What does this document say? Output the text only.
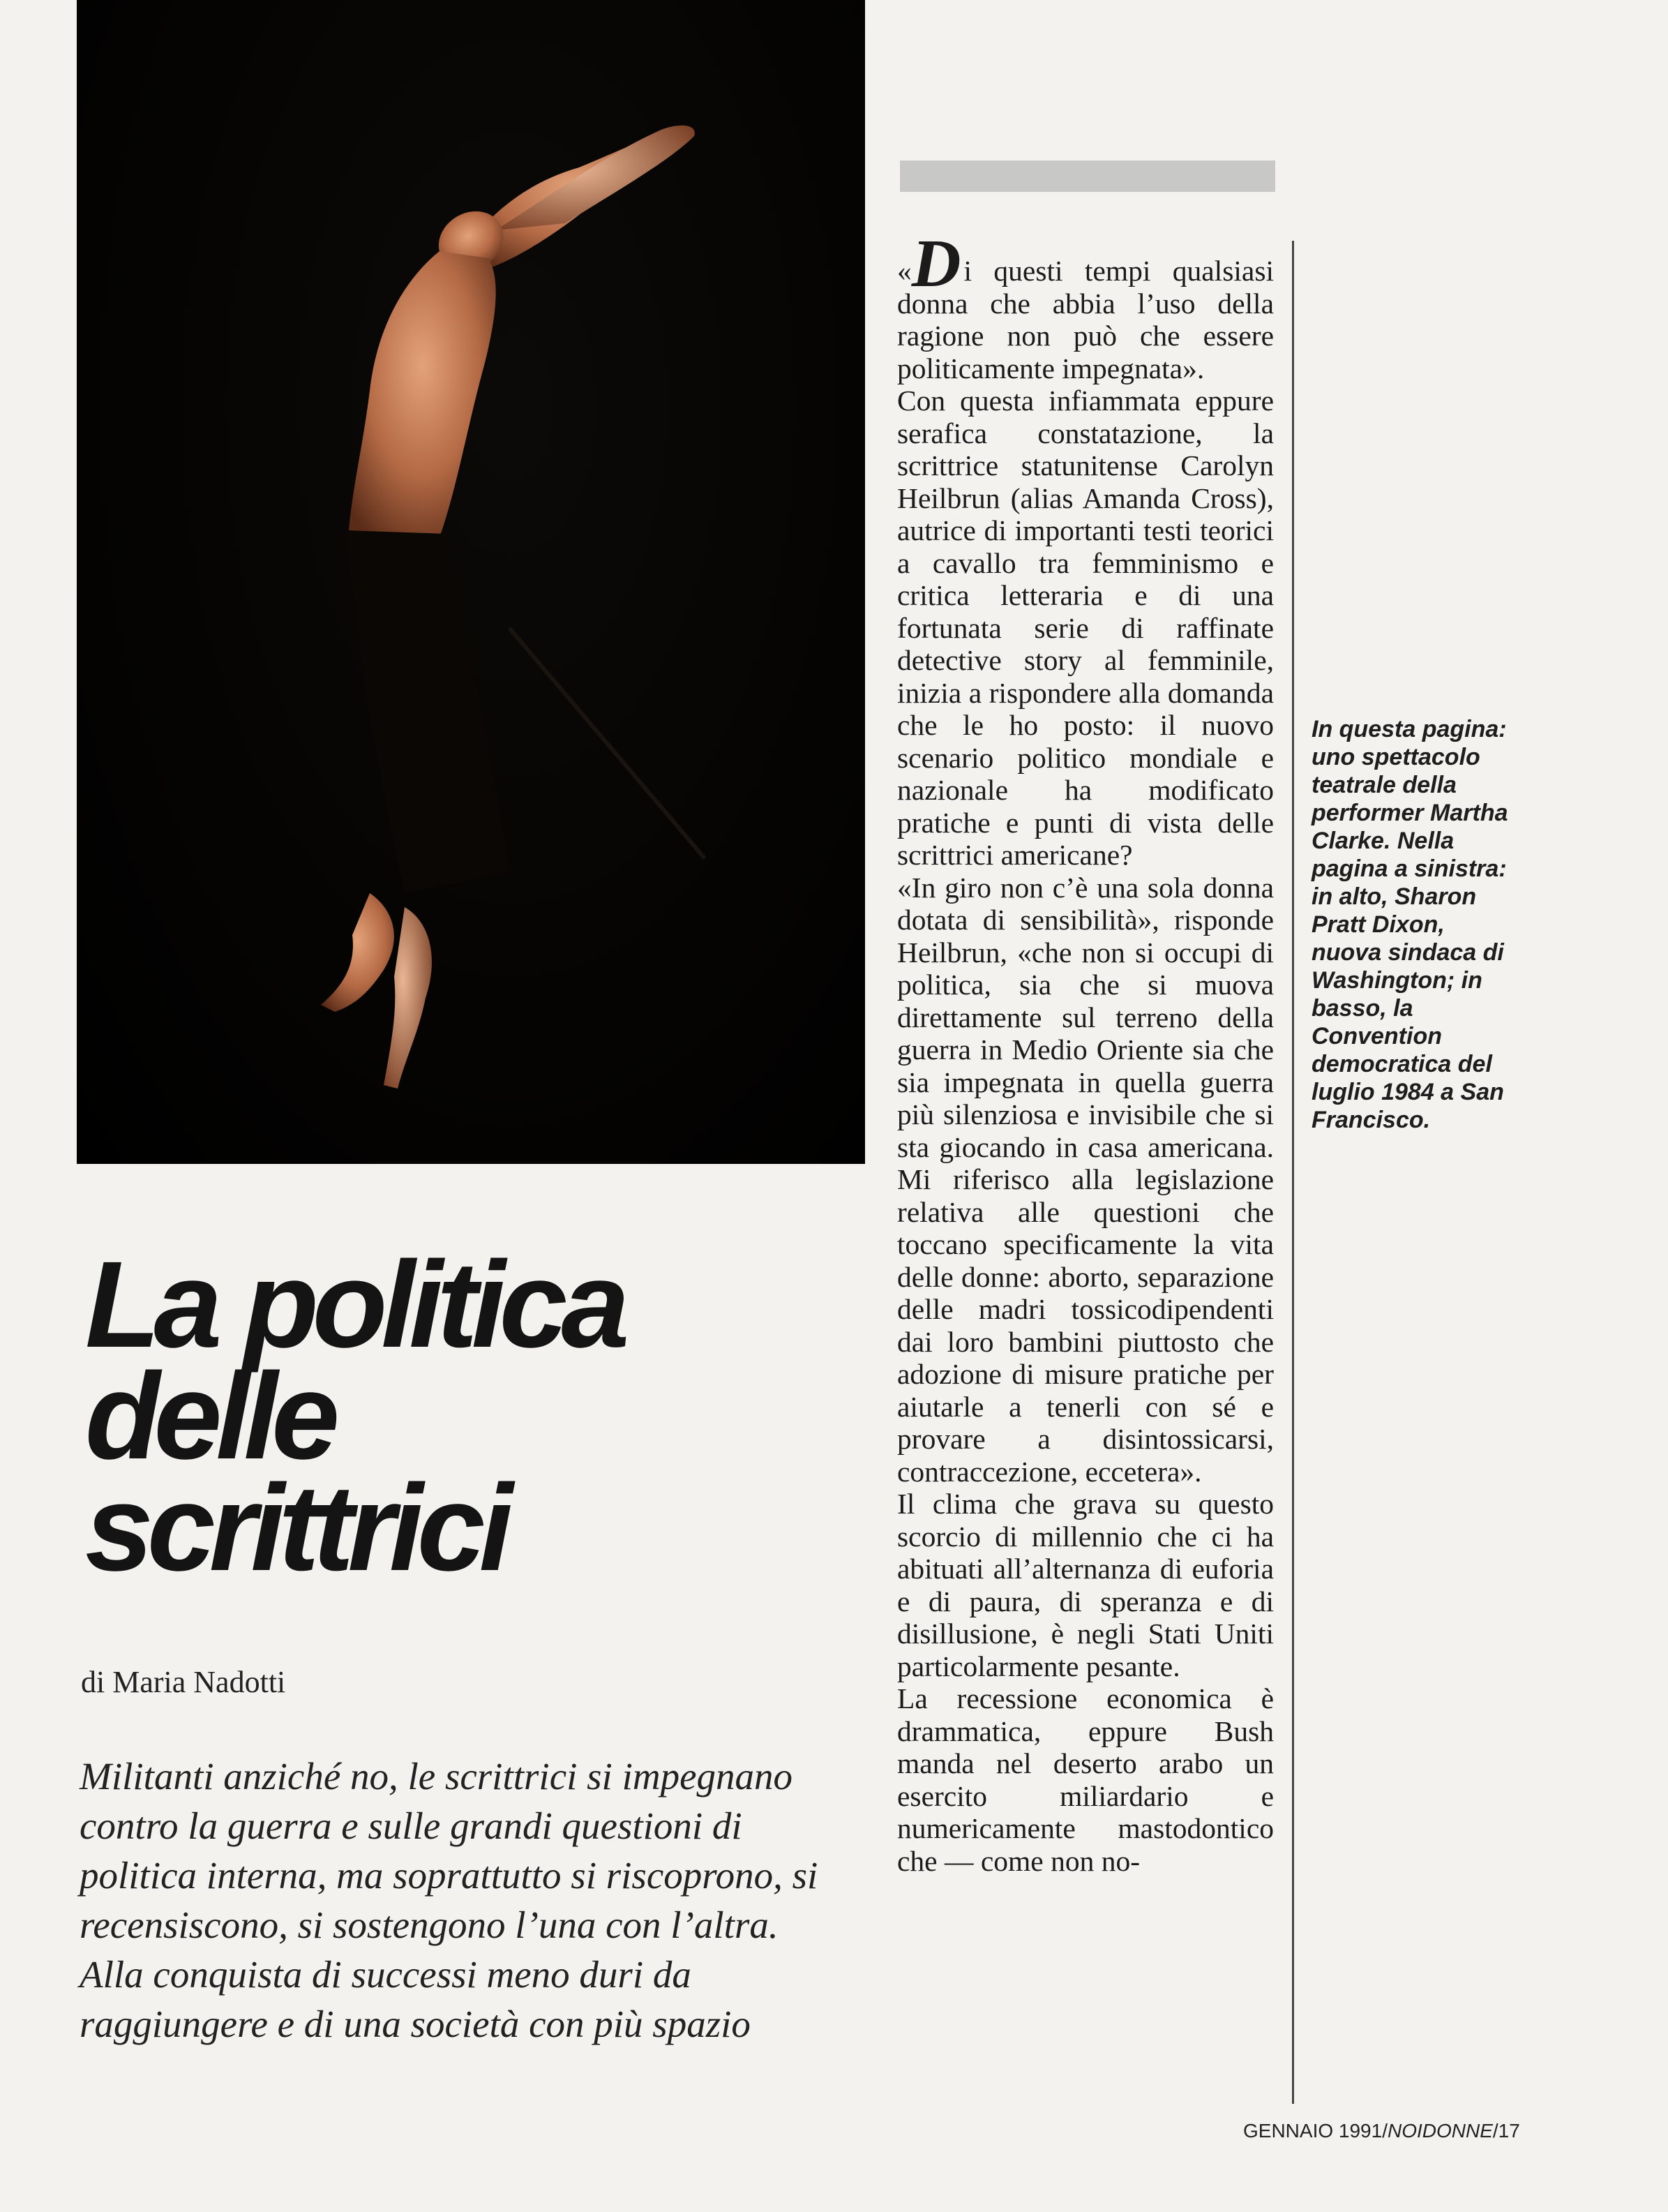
La politica
delle
scrittrici

di Maria Nadotti

Militanti anziché no, le scrittrici si impegnano contro la guerra e sulle grandi questioni di politica interna, ma soprattutto si riscoprono, si recensiscono, si sostengono l’una con l’altra. Alla conquista di successi meno duri da raggiungere e di una società con più spazio

«Di questi tempi qualsiasi donna che abbia l’uso della ragione non può che essere politicamente impegnata».

Con questa infiammata eppure serafica constatazione, la scrittrice statunitense Carolyn Heilbrun (alias Amanda Cross), autrice di importanti testi teorici a cavallo tra femminismo e critica letteraria e di una fortunata serie di raffinate detective story al femminile, inizia a rispondere alla domanda che le ho posto: il nuovo scenario politico mondiale e nazionale ha modificato pratiche e punti di vista delle scrittrici americane?

«In giro non c’è una sola donna dotata di sensibilità», risponde Heilbrun, «che non si occupi di politica, sia che si muova direttamente sul terreno della guerra in Medio Oriente sia che sia impegnata in quella guerra più silenziosa e invisibile che si sta giocando in casa americana. Mi riferisco alla legislazione relativa alle questioni che toccano specificamente la vita delle donne: aborto, separazione delle madri tossicodipendenti dai loro bambini piuttosto che adozione di misure pratiche per aiutarle a tenerli con sé e provare a disintossicarsi, contraccezione, eccetera».

Il clima che grava su questo scorcio di millennio che ci ha abituati all’alternanza di euforia e di paura, di speranza e di disillusione, è negli Stati Uniti particolarmente pesante.

La recessione economica è drammatica, eppure Bush manda nel deserto arabo un esercito miliardario e numericamente mastodontico che — come non no-

In questa pagina: uno spettacolo teatrale della performer Martha Clarke. Nella pagina a sinistra: in alto, Sharon Pratt Dixon, nuova sindaca di Washington; in basso, la Convention democratica del luglio 1984 a San Francisco.

GENNAIO 1991/NOIDONNE/17
